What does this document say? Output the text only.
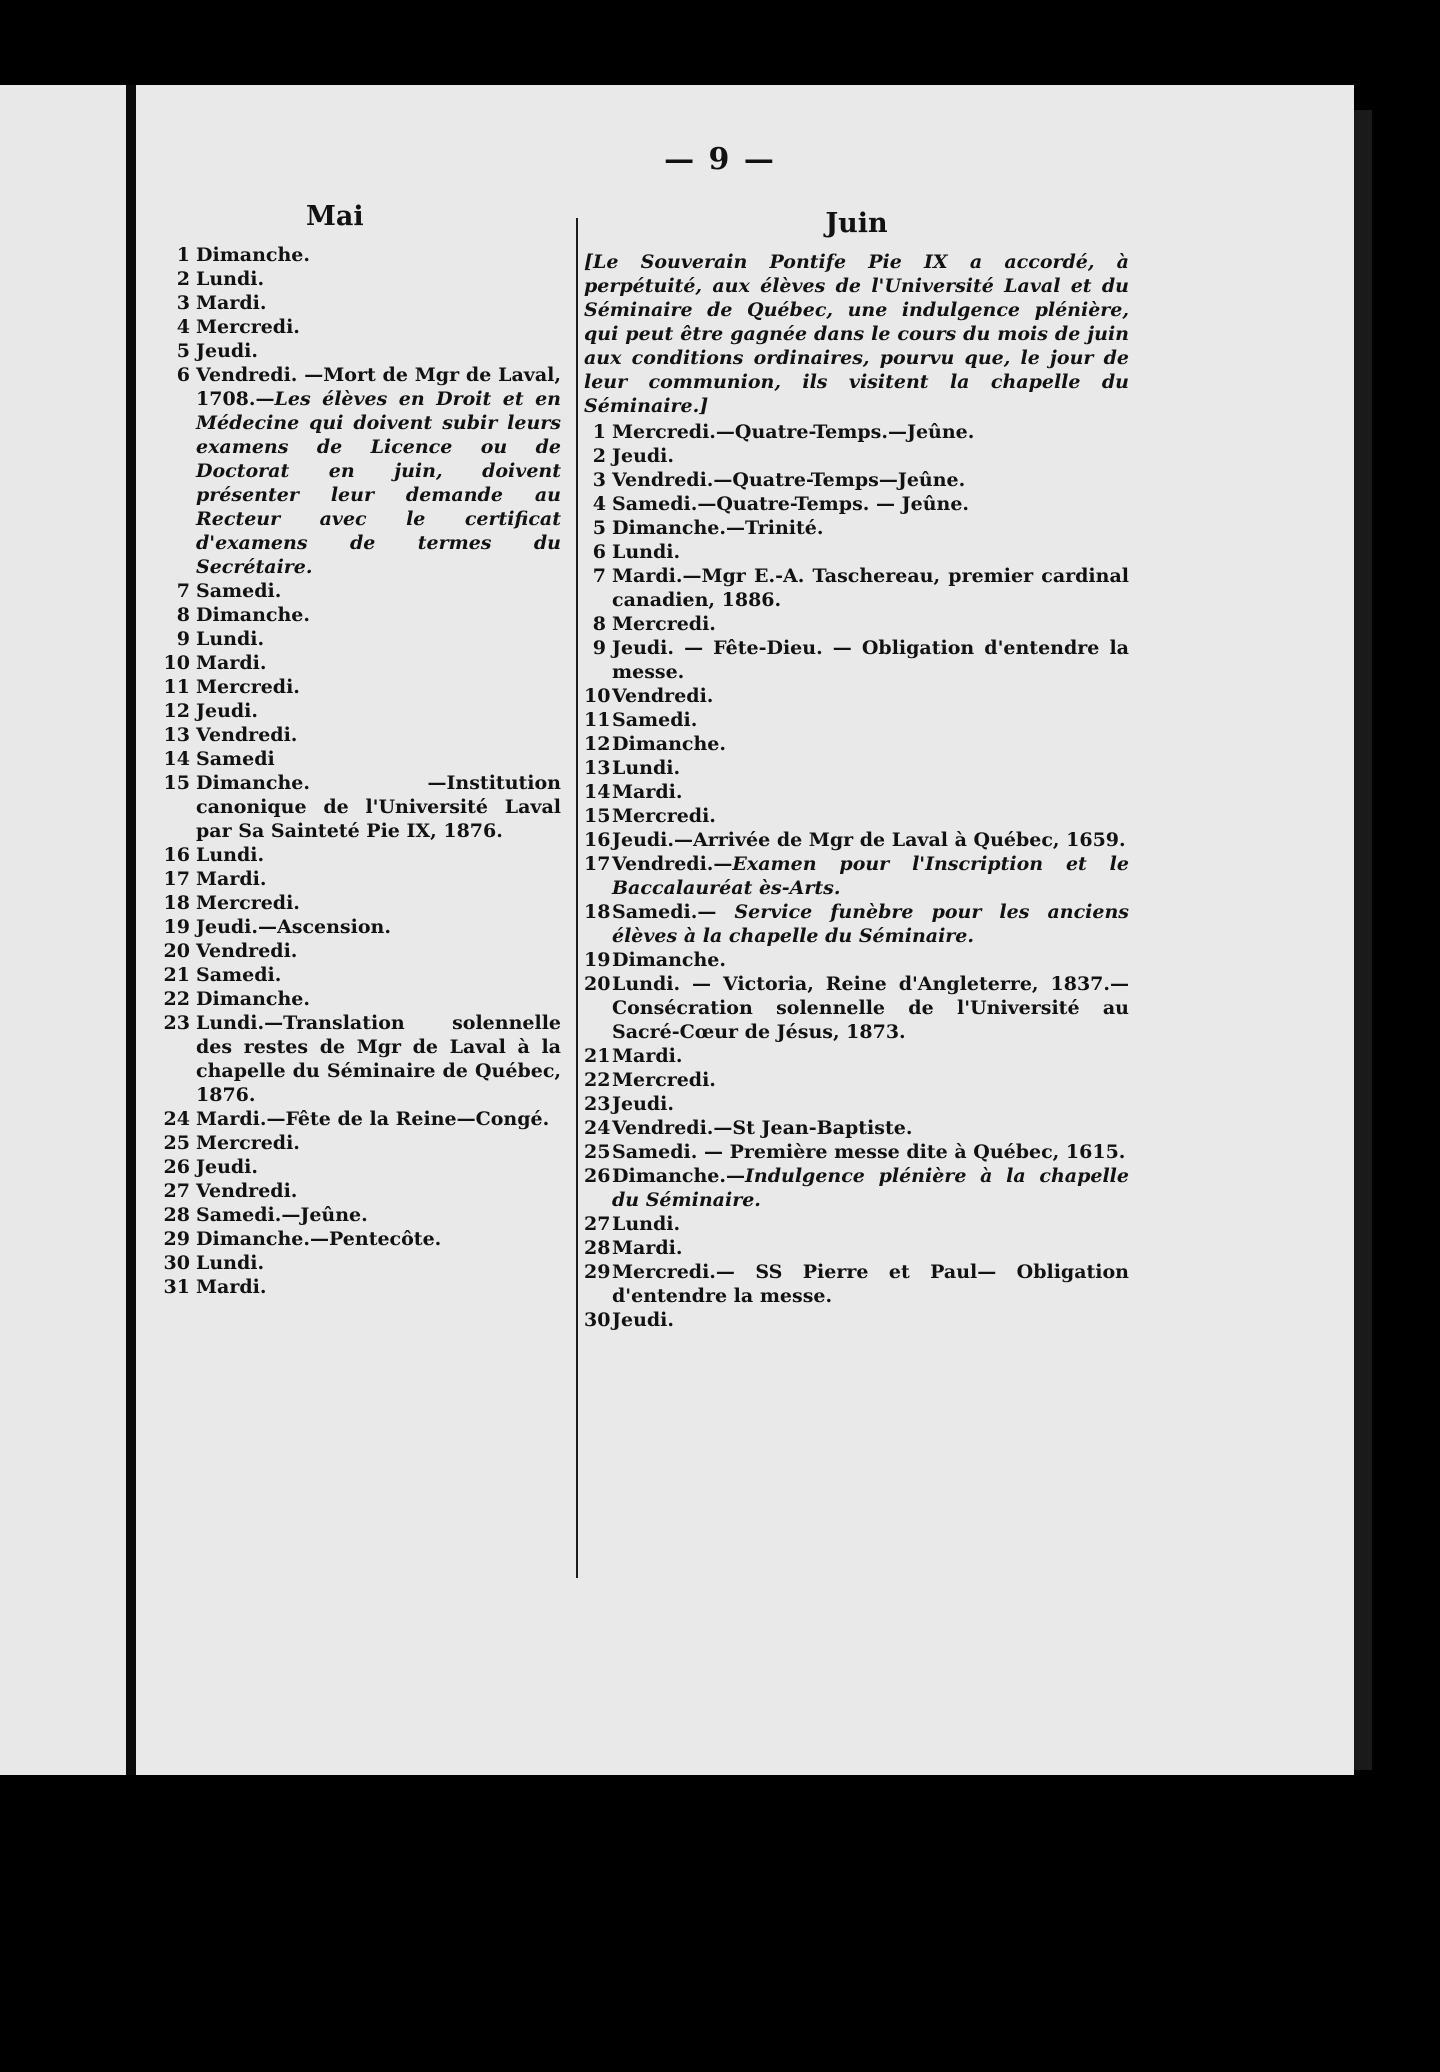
— 9 —
Mai
1 Dimanche.
2 Lundi.
3 Mardi.
4 Mercredi.
5 Jeudi.
6 Vendredi. —Mort de Mgr de Laval, 1708.—Les élèves en Droit et en Médecine qui doivent subir leurs examens de Licence ou de Doctorat en juin, doivent présenter leur demande au Recteur avec le certificat d'examens de termes du Secrétaire.
7 Samedi.
8 Dimanche.
9 Lundi.
10 Mardi.
11 Mercredi.
12 Jeudi.
13 Vendredi.
14 Samedi
15 Dimanche. —Institution canonique de l'Université Laval par Sa Sainteté Pie IX, 1876.
16 Lundi.
17 Mardi.
18 Mercredi.
19 Jeudi.—Ascension.
20 Vendredi.
21 Samedi.
22 Dimanche.
23 Lundi.—Translation solennelle des restes de Mgr de Laval à la chapelle du Séminaire de Québec, 1876.
24 Mardi.—Fête de la Reine—Congé.
25 Mercredi.
26 Jeudi.
27 Vendredi.
28 Samedi.—Jeûne.
29 Dimanche.—Pentecôte.
30 Lundi.
31 Mardi.
Juin
[Le Souverain Pontife Pie IX a accordé, à perpétuité, aux élèves de l'Université Laval et du Séminaire de Québec, une indulgence plénière, qui peut être gagnée dans le cours du mois de juin aux conditions ordinaires, pourvu que, le jour de leur communion, ils visitent la chapelle du Séminaire.]
1 Mercredi.—Quatre-Temps.—Jeûne.
2 Jeudi.
3 Vendredi.—Quatre-Temps—Jeûne.
4 Samedi.—Quatre-Temps. — Jeûne.
5 Dimanche.—Trinité.
6 Lundi.
7 Mardi.—Mgr E.-A. Taschereau, premier cardinal canadien, 1886.
8 Mercredi.
9 Jeudi. — Fête-Dieu. — Obligation d'entendre la messe.
10 Vendredi.
11 Samedi.
12 Dimanche.
13 Lundi.
14 Mardi.
15 Mercredi.
16 Jeudi.—Arrivée de Mgr de Laval à Québec, 1659.
17 Vendredi.—Examen pour l'Inscription et le Baccalauréat ès-Arts.
18 Samedi.— Service funèbre pour les anciens élèves à la chapelle du Séminaire.
19 Dimanche.
20 Lundi. — Victoria, Reine d'Angleterre, 1837.—Consécration solennelle de l'Université au Sacré-Cœur de Jésus, 1873.
21 Mardi.
22 Mercredi.
23 Jeudi.
24 Vendredi.—St Jean-Baptiste.
25 Samedi. — Première messe dite à Québec, 1615.
26 Dimanche.—Indulgence plénière à la chapelle du Séminaire.
27 Lundi.
28 Mardi.
29 Mercredi.— SS Pierre et Paul— Obligation d'entendre la messe.
30 Jeudi.
